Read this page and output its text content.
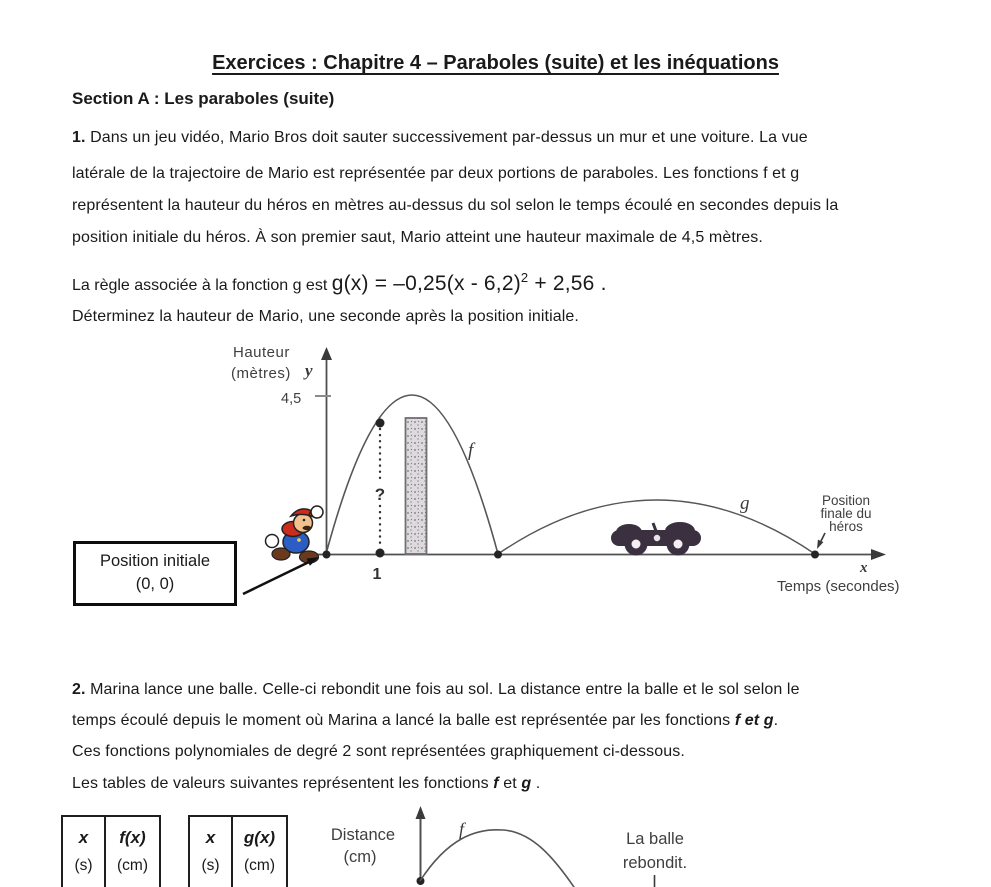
Exercices : Chapitre 4 – Paraboles (suite) et les inéquations
Section A : Les paraboles (suite)
1. Dans un jeu vidéo, Mario Bros doit sauter successivement par-dessus un mur et une voiture. La vue
latérale de la trajectoire de Mario est représentée par deux portions de paraboles. Les fonctions f et g
représentent la hauteur du héros en mètres au-dessus du sol selon le temps écoulé en secondes depuis la
position initiale du héros. À son premier saut, Mario atteint une hauteur maximale de 4,5 mètres.
La règle associée à la fonction g est g(x) = –0,25(x - 6,2)$^2$ + 2,56 .
Déterminez la hauteur de Mario, une seconde après la position initiale.
Hauteur
(mètres) y
4,5
?
1
f
g	Position
finale du
héros
x
Temps (secondes)
Position initiale
(0, 0)
2. Marina lance une balle. Celle-ci rebondit une fois au sol. La distance entre la balle et le sol selon le
temps écoulé depuis le moment où Marina a lancé la balle est représentée par les fonctions f et g.
Ces fonctions polynomiales de degré 2 sont représentées graphiquement ci-dessous.
Les tables de valeurs suivantes représentent les fonctions f et g .
x
(s)
f(x)
(cm)
x
(s)
g(x)
(cm)
Distance
(cm)
f	La balle
rebondit.
